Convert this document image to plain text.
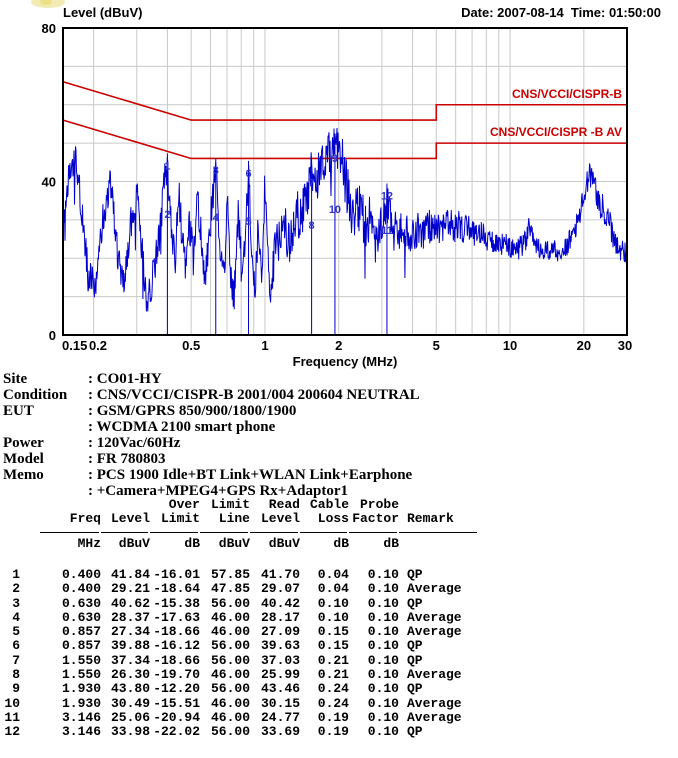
Level (dBuV)	Date: 2007-08-14  Time: 01:50:00
CNS/VCCI/CISPR-B
CNS/VCCI/CISPR -B AV
1
2
3
4 5
6
7
8
9
10
11
12
0
40
80
0.15 0.2	0.5	1	2	5	10	20 30
Frequency (MHz)
Site	: CO01-HY
Condition	: CNS/VCCI/CISPR-B 2001/004 200604 NEUTRAL
EUT	: GSM/GPRS 850/900/1800/1900
: WCDMA 2100 smart phone
Power	: 120Vac/60Hz
Model	: FR 780803
Memo	: PCS 1900 Idle+BT Link+WLAN Link+Earphone
: +Camera+MPEG4+GPS Rx+Adaptor1
Over Limit	Read Cable Probe
Freq Level Limit	Line Level	Loss Factor Remark
MHz	dBuV	dB	dBuV	dBuV	dB	dB
1	0.400 41.84 -16.01 57.85 41.70	0.04	0.10 QP
2	0.400 29.21 -18.64 47.85 29.07	0.04	0.10 Average
3	0.630 40.62 -15.38 56.00 40.42	0.10	0.10 QP
4	0.630 28.37 -17.63 46.00 28.17	0.10	0.10 Average
5	0.857 27.34 -18.66 46.00 27.09	0.15	0.10 Average
6	0.857 39.88 -16.12 56.00 39.63	0.15	0.10 QP
7	1.550 37.34 -18.66 56.00 37.03	0.21	0.10 QP
8	1.550 26.30 -19.70 46.00 25.99	0.21	0.10 Average
9	1.930 43.80 -12.20 56.00 43.46	0.24	0.10 QP
10	1.930 30.49 -15.51 46.00 30.15	0.24	0.10 Average
11	3.146 25.06 -20.94 46.00 24.77	0.19	0.10 Average
12	3.146 33.98 -22.02 56.00 33.69	0.19	0.10 QP
